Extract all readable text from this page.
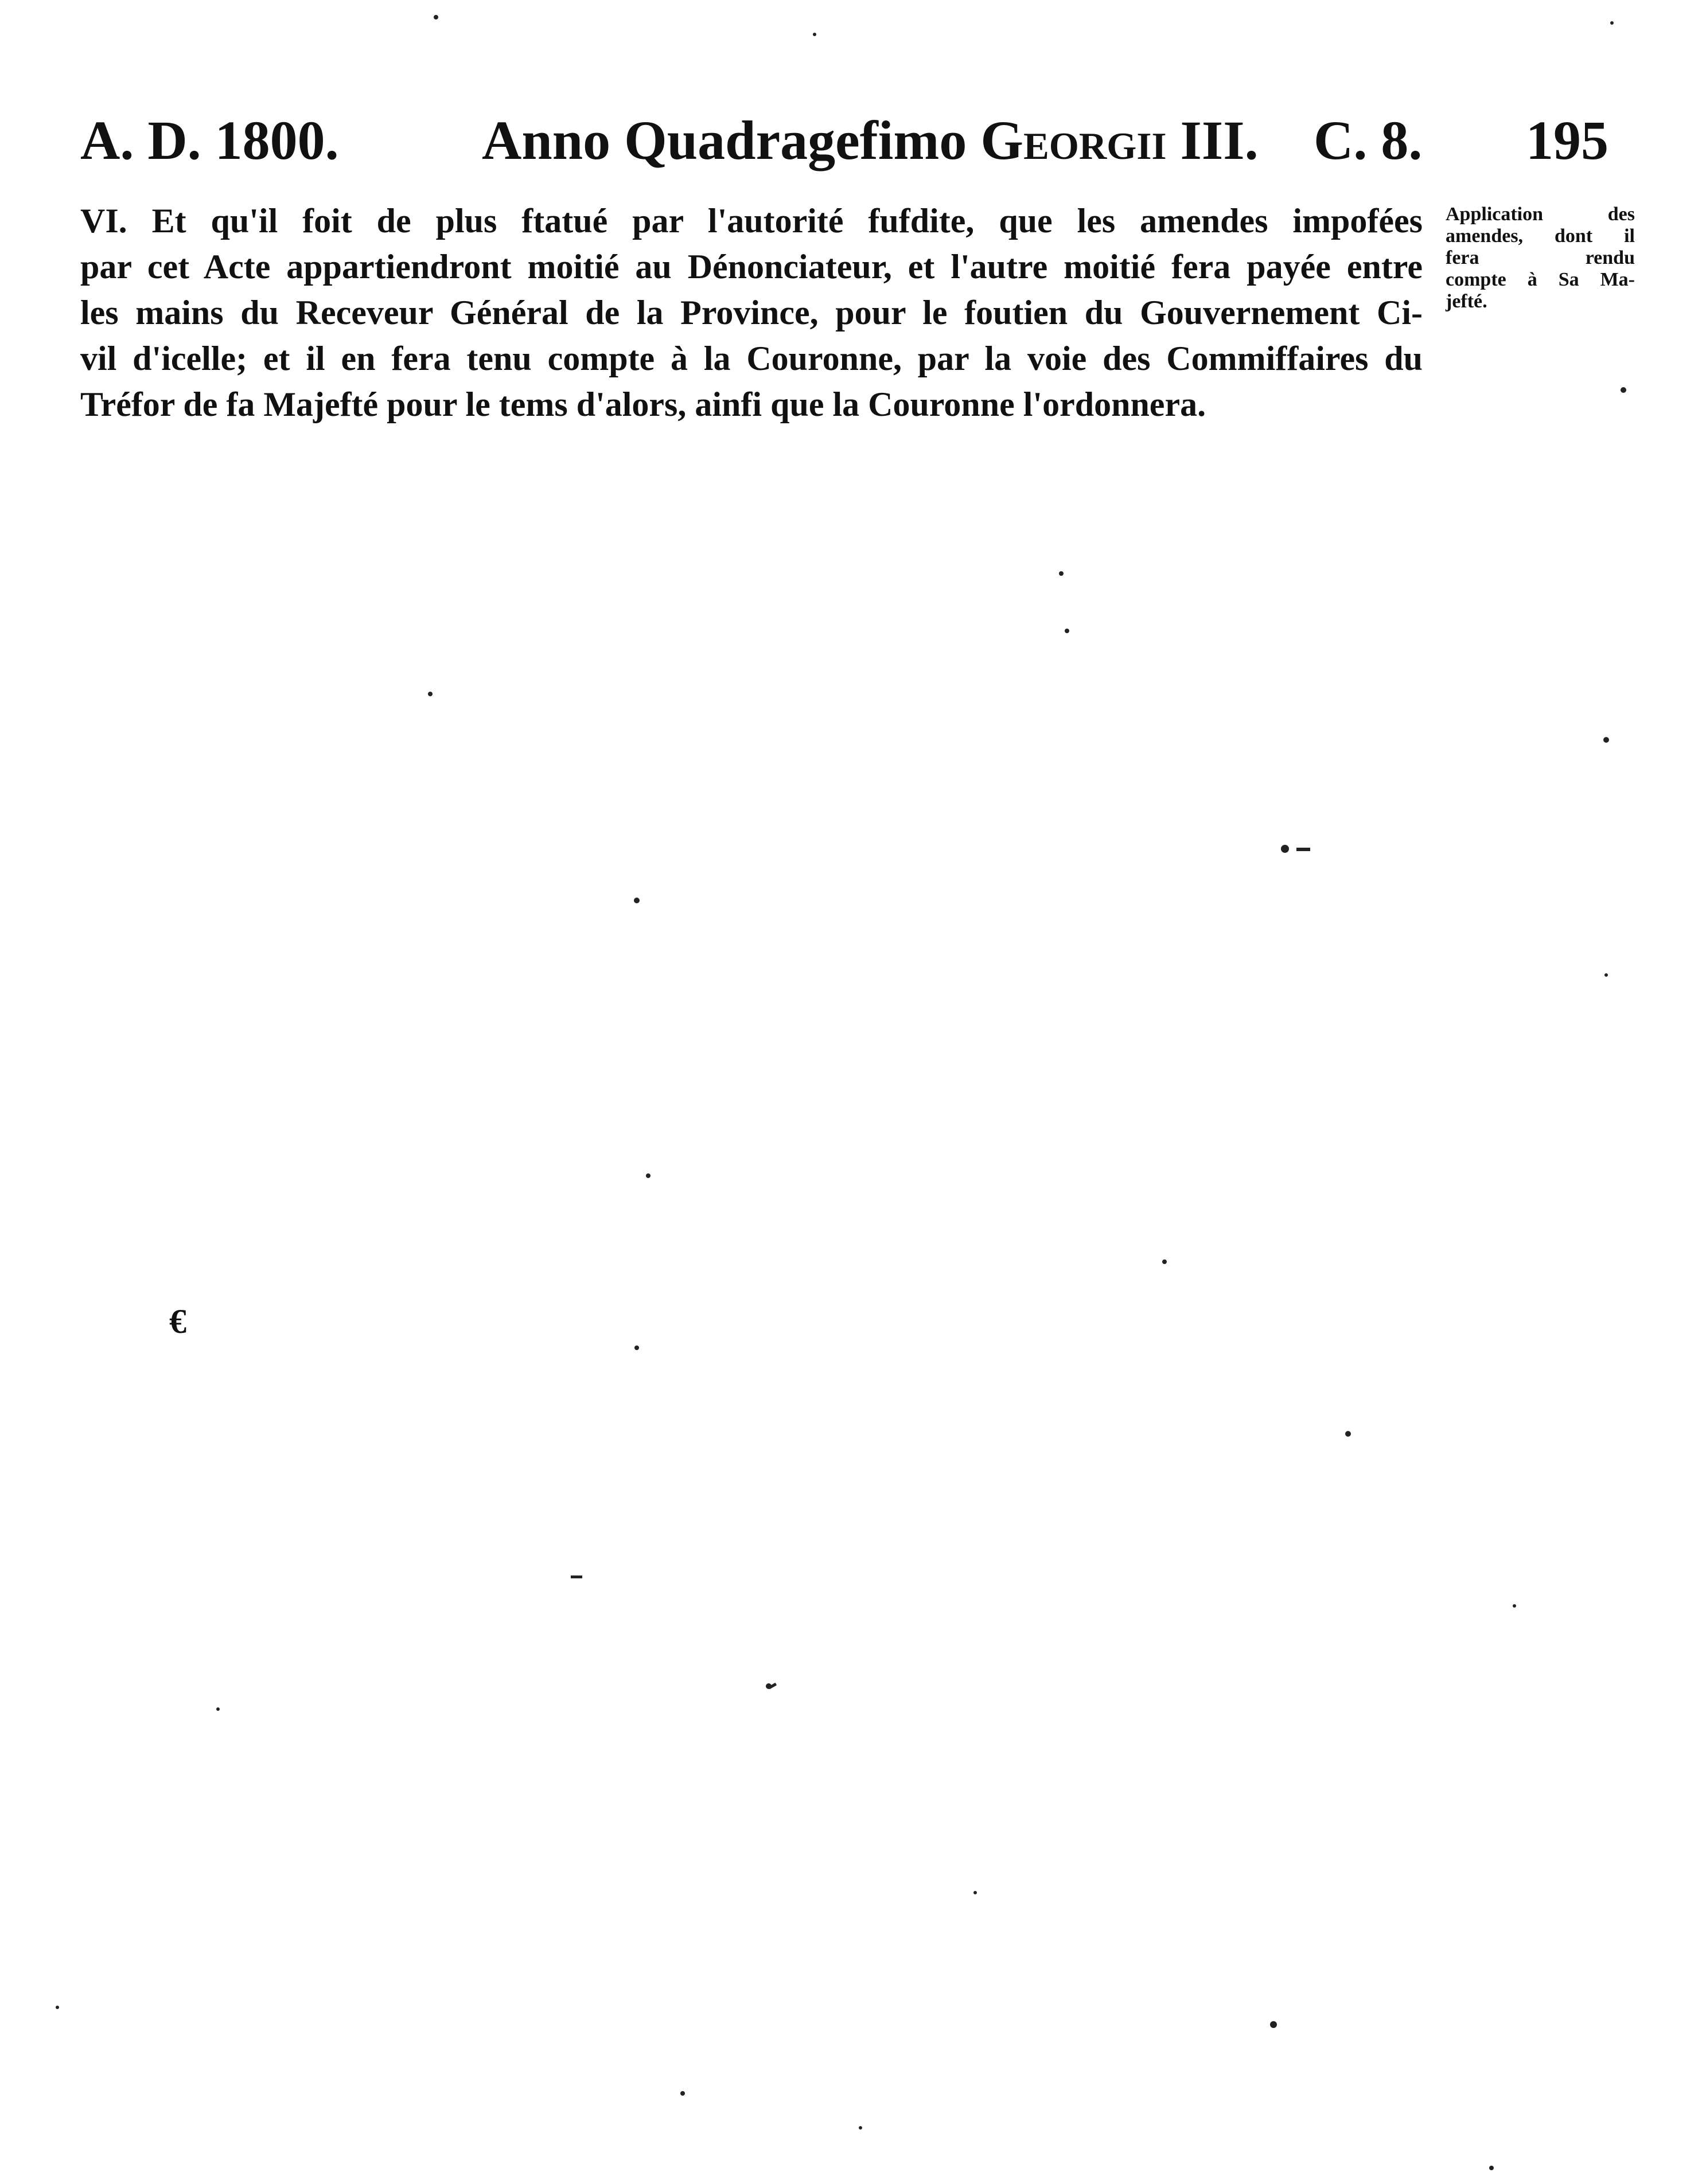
A. D. 1800.	Anno Quadragefimo Georgii III. C. 8. 195
VI. Et qu'il foit de plus ftatué par l'autorité fufdite, que les amendes impofées
par cet Acte appartiendront moitié au Dénonciateur, et l'autre moitié fera payée entre
les mains du Receveur Général de la Province, pour le foutien du Gouvernement Ci-
vil d'icelle; et il en fera tenu compte à la Couronne, par la voie des Commiffaires du
Tréfor de fa Majefté pour le tems d'alors, ainfi que la Couronne l'ordonnera.
Application des
amendes, dont il
fera rendu
compte à Sa Ma-
jefté.
€
